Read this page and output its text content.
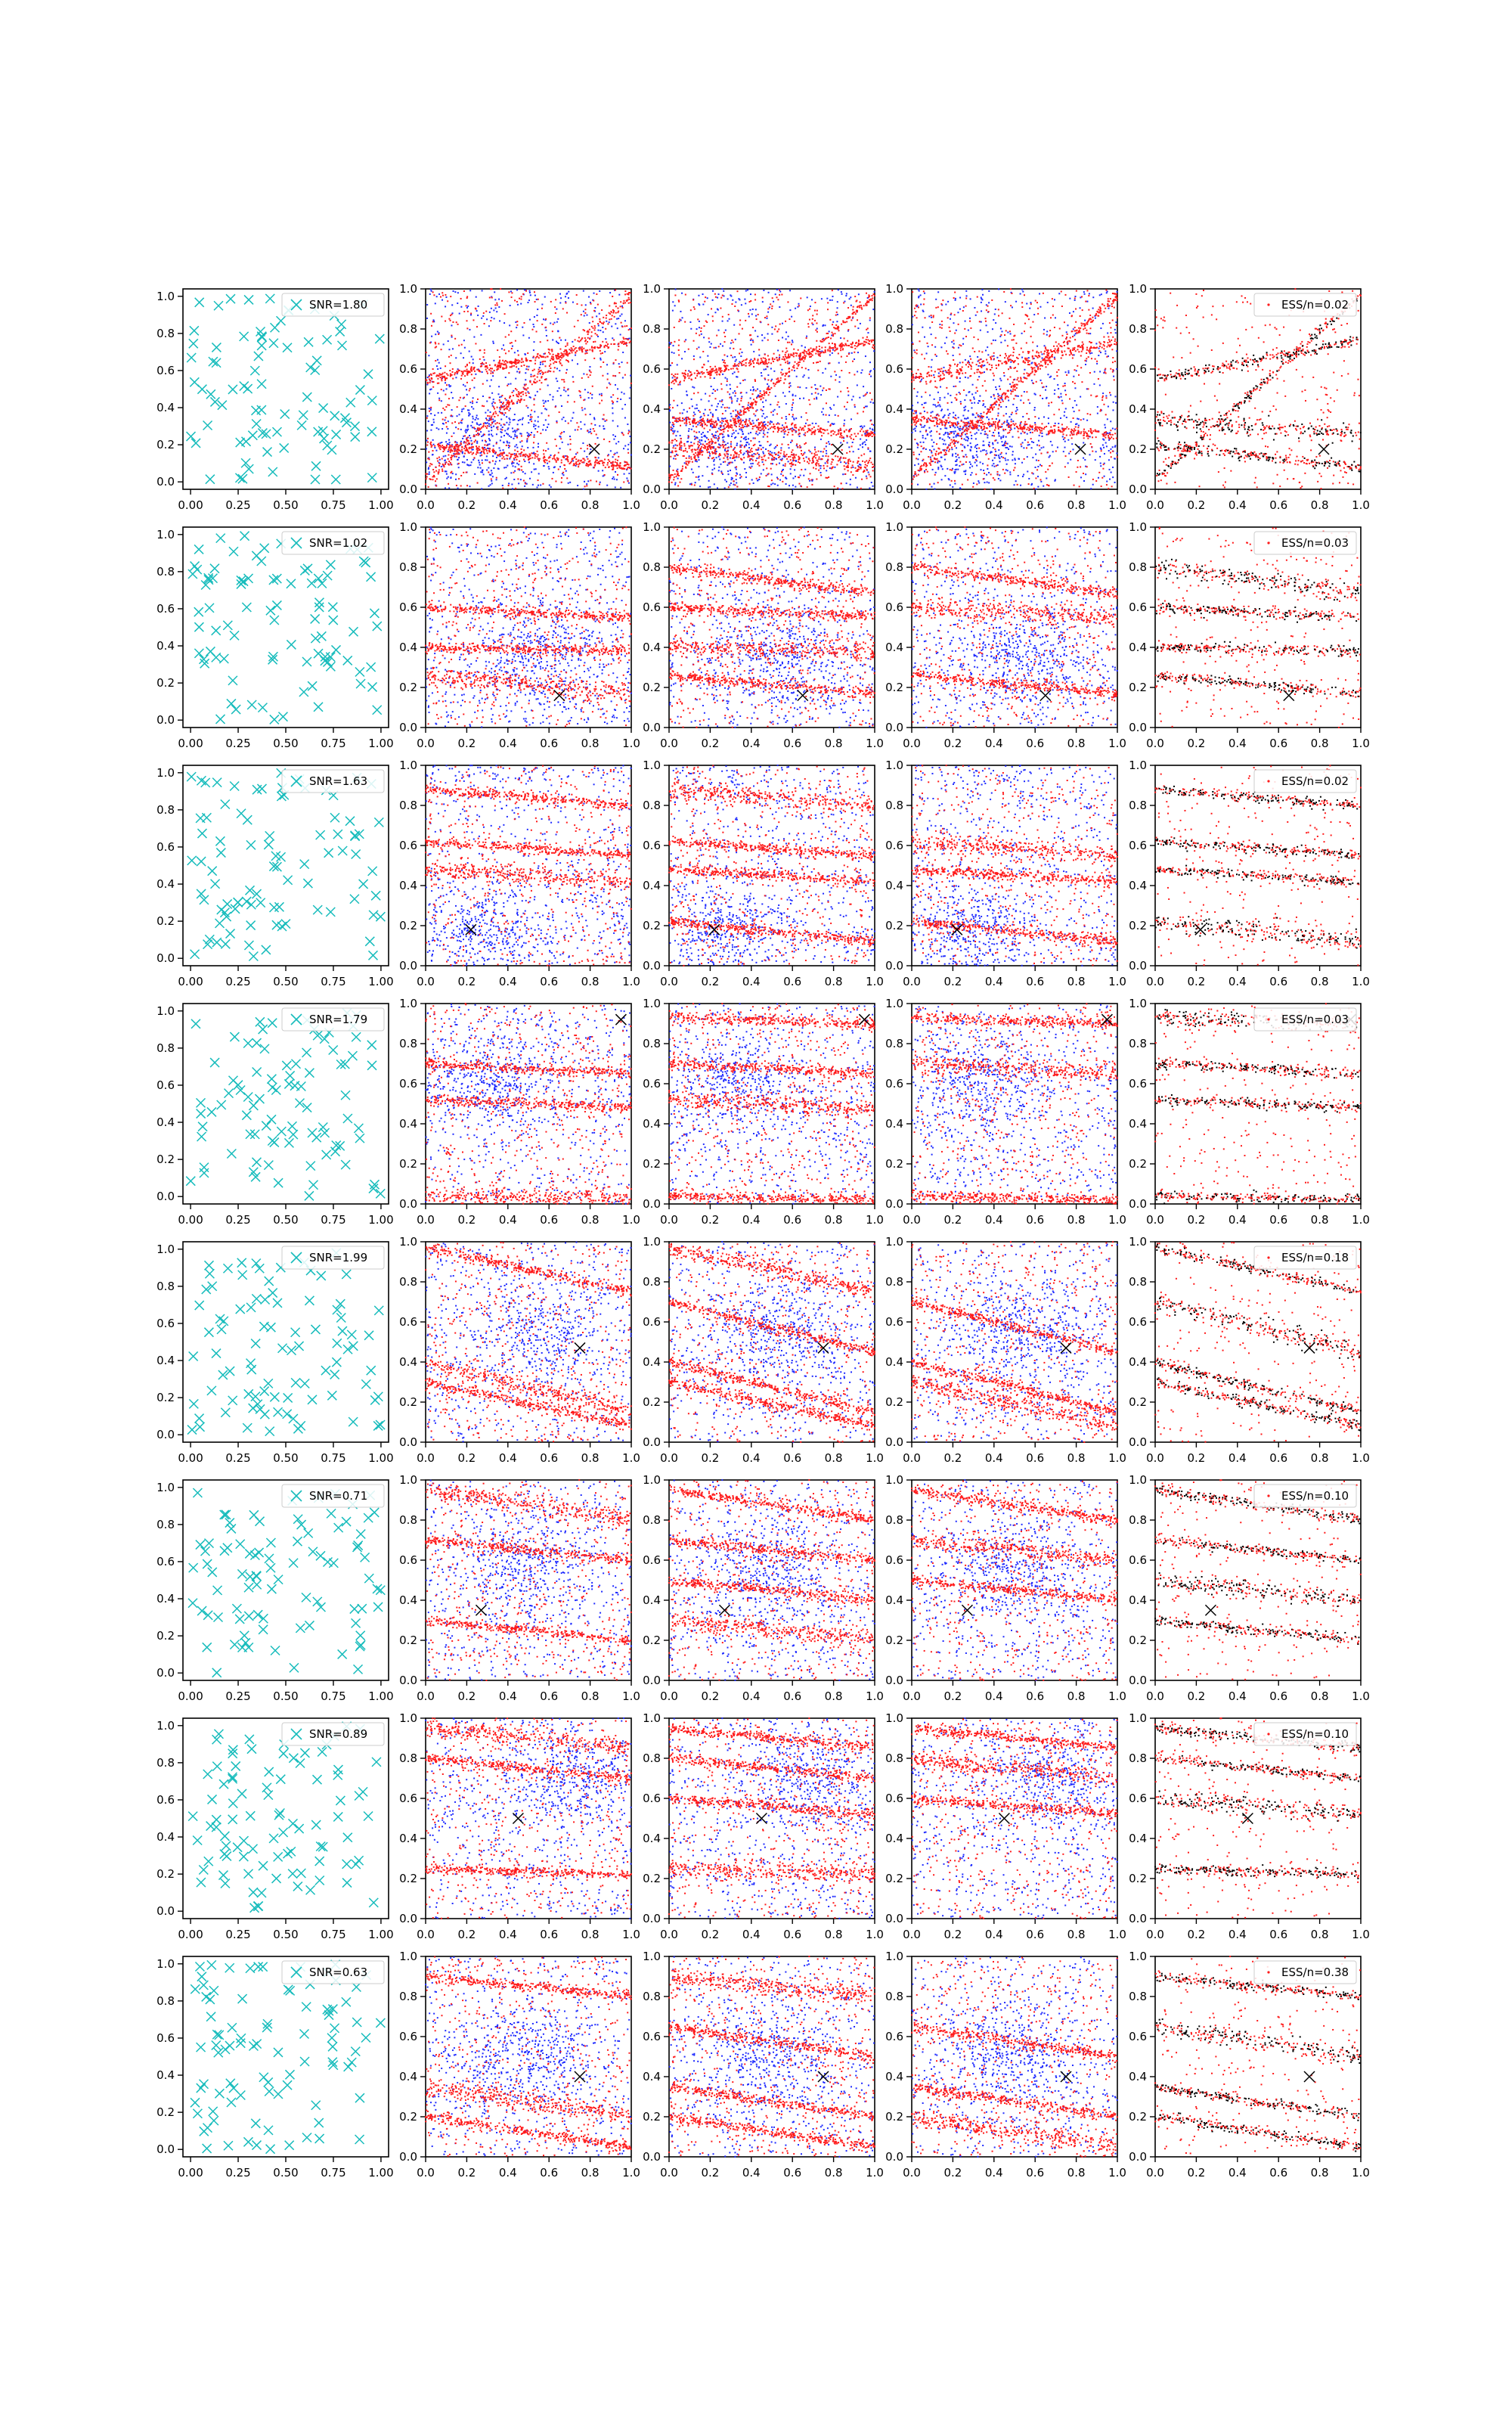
0.00 0.25 0.50 0.75 1.00
0.0
0.2
0.4
0.6
0.8
1.0
SNR=1.80
0.0 0.2 0.4 0.6 0.8 1.0
0.0
0.2
0.4
0.6
0.8
1.0
0.0 0.2 0.4 0.6 0.8 1.0
0.0
0.2
0.4
0.6
0.8
1.0
0.0 0.2 0.4 0.6 0.8 1.0
0.0
0.2
0.4
0.6
0.8
1.0
0.0 0.2 0.4 0.6 0.8 1.0
0.0
0.2
0.4
0.6
0.8
1.0
ESS/n=0.02
0.00 0.25 0.50 0.75 1.00
0.0
0.2
0.4
0.6
0.8
1.0
SNR=1.02
0.0 0.2 0.4 0.6 0.8 1.0
0.0
0.2
0.4
0.6
0.8
1.0
0.0 0.2 0.4 0.6 0.8 1.0
0.0
0.2
0.4
0.6
0.8
1.0
0.0 0.2 0.4 0.6 0.8 1.0
0.0
0.2
0.4
0.6
0.8
1.0
0.0 0.2 0.4 0.6 0.8 1.0
0.0
0.2
0.4
0.6
0.8
1.0
ESS/n=0.03
0.00 0.25 0.50 0.75 1.00
0.0
0.2
0.4
0.6
0.8
1.0
SNR=1.63
0.0 0.2 0.4 0.6 0.8 1.0
0.0
0.2
0.4
0.6
0.8
1.0
0.0 0.2 0.4 0.6 0.8 1.0
0.0
0.2
0.4
0.6
0.8
1.0
0.0 0.2 0.4 0.6 0.8 1.0
0.0
0.2
0.4
0.6
0.8
1.0
0.0 0.2 0.4 0.6 0.8 1.0
0.0
0.2
0.4
0.6
0.8
1.0
ESS/n=0.02
0.00 0.25 0.50 0.75 1.00
0.0
0.2
0.4
0.6
0.8
1.0
SNR=1.79
0.0 0.2 0.4 0.6 0.8 1.0
0.0
0.2
0.4
0.6
0.8
1.0
0.0 0.2 0.4 0.6 0.8 1.0
0.0
0.2
0.4
0.6
0.8
1.0
0.0 0.2 0.4 0.6 0.8 1.0
0.0
0.2
0.4
0.6
0.8
1.0
0.0 0.2 0.4 0.6 0.8 1.0
0.0
0.2
0.4
0.6
0.8
1.0
ESS/n=0.03
0.00 0.25 0.50 0.75 1.00
0.0
0.2
0.4
0.6
0.8
1.0
SNR=1.99
0.0 0.2 0.4 0.6 0.8 1.0
0.0
0.2
0.4
0.6
0.8
1.0
0.0 0.2 0.4 0.6 0.8 1.0
0.0
0.2
0.4
0.6
0.8
1.0
0.0 0.2 0.4 0.6 0.8 1.0
0.0
0.2
0.4
0.6
0.8
1.0
0.0 0.2 0.4 0.6 0.8 1.0
0.0
0.2
0.4
0.6
0.8
1.0
ESS/n=0.18
0.00 0.25 0.50 0.75 1.00
0.0
0.2
0.4
0.6
0.8
1.0
SNR=0.71
0.0 0.2 0.4 0.6 0.8 1.0
0.0
0.2
0.4
0.6
0.8
1.0
0.0 0.2 0.4 0.6 0.8 1.0
0.0
0.2
0.4
0.6
0.8
1.0
0.0 0.2 0.4 0.6 0.8 1.0
0.0
0.2
0.4
0.6
0.8
1.0
0.0 0.2 0.4 0.6 0.8 1.0
0.0
0.2
0.4
0.6
0.8
1.0
ESS/n=0.10
0.00 0.25 0.50 0.75 1.00
0.0
0.2
0.4
0.6
0.8
1.0
SNR=0.89
0.0 0.2 0.4 0.6 0.8 1.0
0.0
0.2
0.4
0.6
0.8
1.0
0.0 0.2 0.4 0.6 0.8 1.0
0.0
0.2
0.4
0.6
0.8
1.0
0.0 0.2 0.4 0.6 0.8 1.0
0.0
0.2
0.4
0.6
0.8
1.0
0.0 0.2 0.4 0.6 0.8 1.0
0.0
0.2
0.4
0.6
0.8
1.0
ESS/n=0.10
0.00 0.25 0.50 0.75 1.00
0.0
0.2
0.4
0.6
0.8
1.0
SNR=0.63
0.0 0.2 0.4 0.6 0.8 1.0
0.0
0.2
0.4
0.6
0.8
1.0
0.0 0.2 0.4 0.6 0.8 1.0
0.0
0.2
0.4
0.6
0.8
1.0
0.0 0.2 0.4 0.6 0.8 1.0
0.0
0.2
0.4
0.6
0.8
1.0
0.0 0.2 0.4 0.6 0.8 1.0
0.0
0.2
0.4
0.6
0.8
1.0
ESS/n=0.38
